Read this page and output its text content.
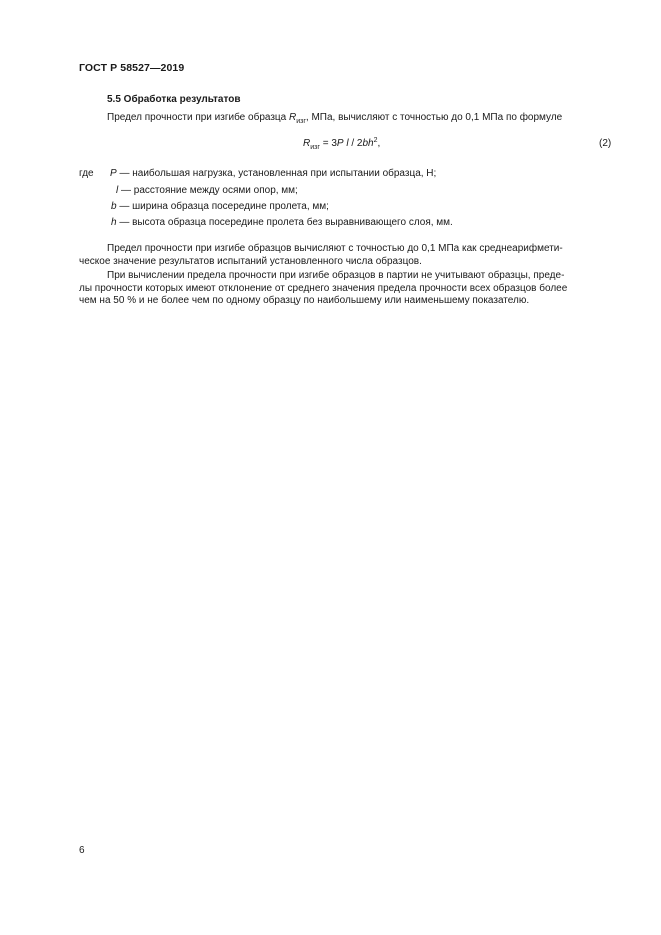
ГОСТ Р 58527—2019
5.5 Обработка результатов
Предел прочности при изгибе образца $R_{изг}$, МПа, вычисляют с точностью до 0,1 МПа по формуле
$R_{изг} = 3P$ l / $2bh^2$,	(2)
где P — наибольшая нагрузка, установленная при испытании образца, Н;
l — расстояние между осями опор, мм;
b — ширина образца посередине пролета, мм;
h — высота образца посередине пролета без выравнивающего слоя, мм.
Предел прочности при изгибе образцов вычисляют с точностью до 0,1 МПа как среднеарифмети-
ческое значение результатов испытаний установленного числа образцов.
При вычислении предела прочности при изгибе образцов в партии не учитывают образцы, преде-
лы прочности которых имеют отклонение от среднего значения предела прочности всех образцов более
чем на 50 % и не более чем по одному образцу по наибольшему или наименьшему показателю.
6
